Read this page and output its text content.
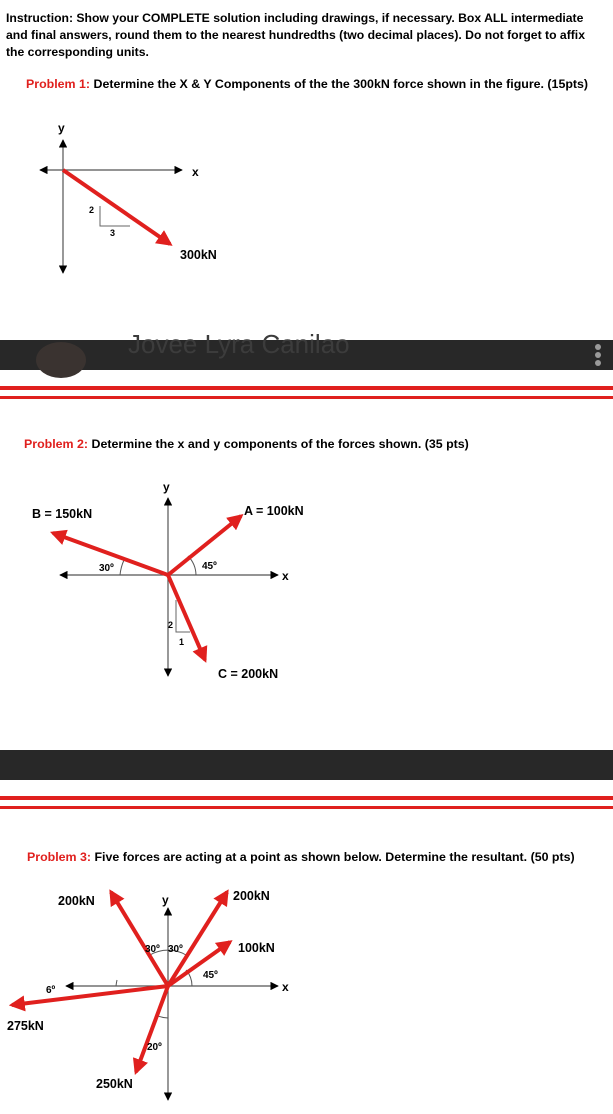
Instruction: Show your COMPLETE solution including drawings, if necessary. Box ALL intermediate and final answers, round them to the nearest hundredths (two decimal places). Do not forget to affix the corresponding units.
Problem 1: Determine the X & Y Components of the the 300kN force shown in the figure. (15pts)
y
x
2
3
300kN
Jovee Lyra Canilao
Problem 2: Determine the x and y components of the forces shown. (35 pts)
y
x
B = 150kN	A = 100kN
C = 200kN
30º	45º
2
1
Problem 3: Five forces are acting at a point as shown below. Determine the resultant. (50 pts)
y
x
200kN	200kN
100kN
275kN
250kN
30º 30º
45º
6º
20º
